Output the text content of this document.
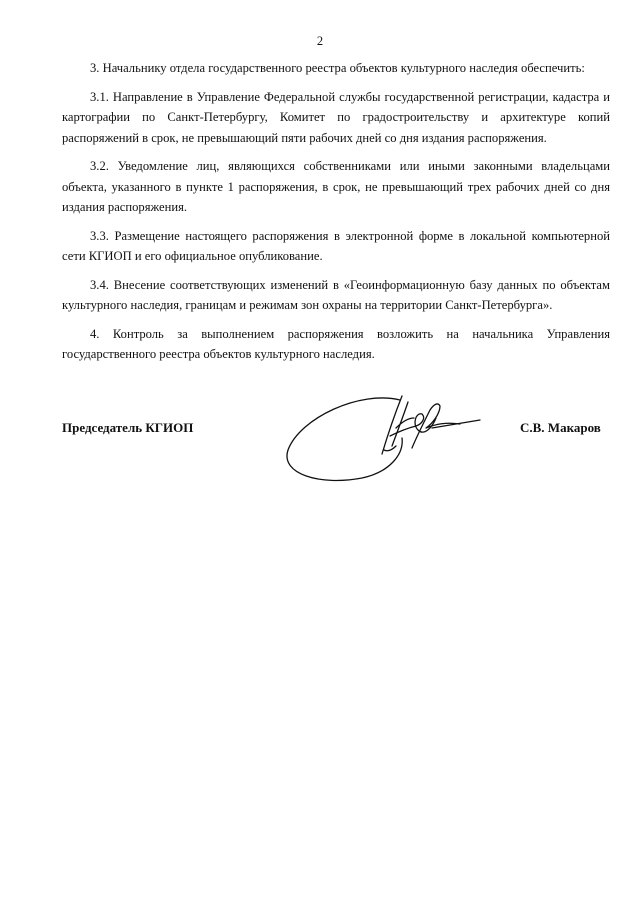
2

3. Начальнику отдела государственного реестра объектов культурного наследия обеспечить:

3.1. Направление в Управление Федеральной службы государственной регистрации, кадастра и картографии по Санкт-Петербургу, Комитет по градостроительству и архитектуре копий распоряжений в срок, не превышающий пяти рабочих дней со дня издания распоряжения.

3.2. Уведомление лиц, являющихся собственниками или иными законными владельцами объекта, указанного в пункте 1 распоряжения, в срок, не превышающий трех рабочих дней со дня издания распоряжения.

3.3. Размещение настоящего распоряжения в электронной форме в локальной компьютерной сети КГИОП и его официальное опубликование.

3.4. Внесение соответствующих изменений в «Геоинформационную базу данных по объектам культурного наследия, границам и режимам зон охраны на территории Санкт-Петербурга».

4. Контроль за выполнением распоряжения возложить на начальника Управления государственного реестра объектов культурного наследия.

Председатель КГИОП	С.В. Макаров
